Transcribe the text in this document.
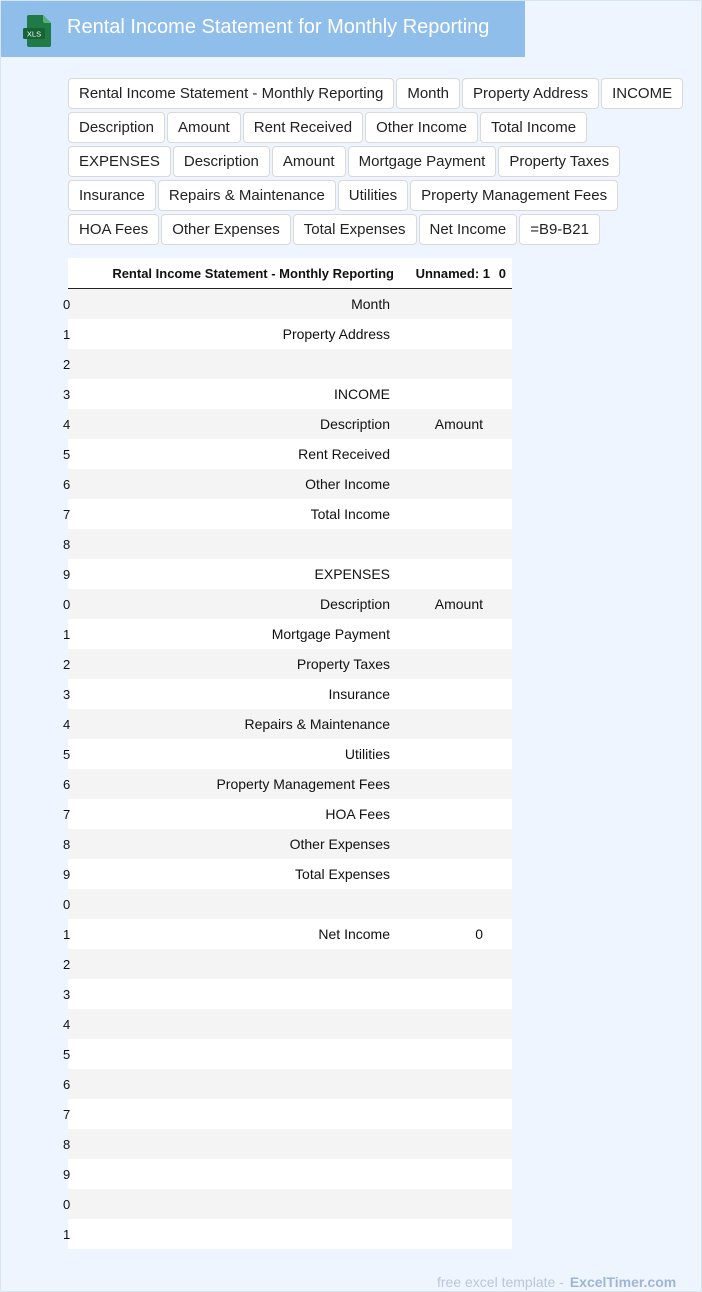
XLS Rental Income Statement for Monthly Reporting
Rental Income Statement - Monthly Reporting	Month	Property Address	INCOME
Description	Amount	Rent Received	Other Income	Total Income
EXPENSES	Description	Amount	Mortgage Payment	Property Taxes
Insurance	Repairs & Maintenance	Utilities	Property Management Fees
HOA Fees	Other Expenses	Total Expenses	Net Income	=B9-B21
Rental Income Statement - Monthly Reporting	Unnamed: 1 0
0	Month
1	Property Address
2
3	INCOME
4	Description	Amount
5	Rent Received
6	Other Income
7	Total Income
8
9	EXPENSES
0	Description	Amount
1	Mortgage Payment
2	Property Taxes
3	Insurance
4	Repairs & Maintenance
5	Utilities
6	Property Management Fees
7	HOA Fees
8	Other Expenses
9	Total Expenses
0
1	Net Income	0
2
3
4
5
6
7
8
9
0
1
free excel template - ExcelTimer.com
